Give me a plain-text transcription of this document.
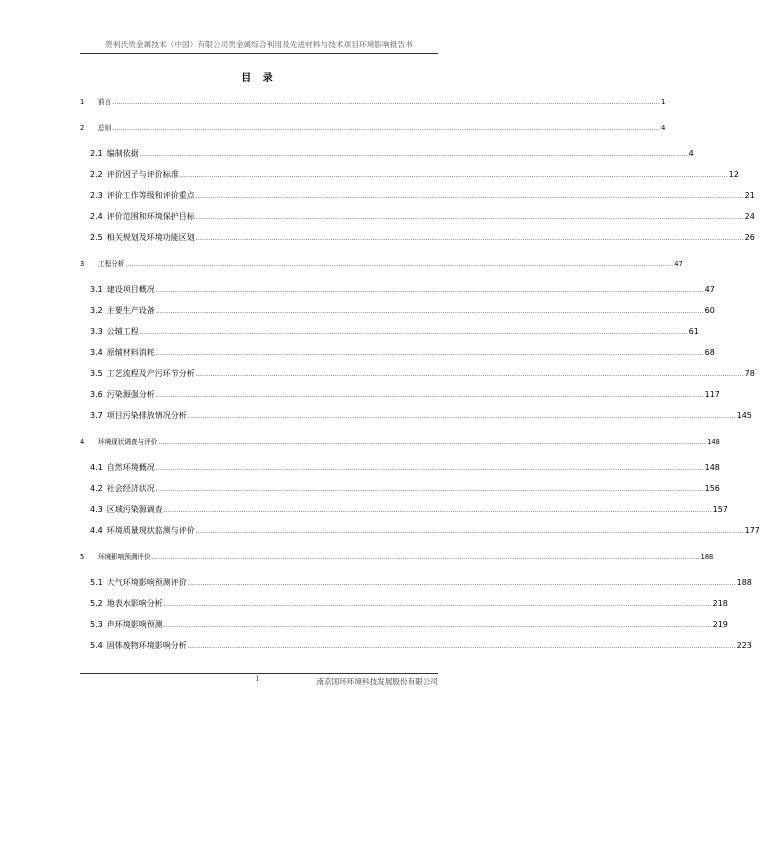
贺利氏贵金属技术（中国）有限公司贵金属综合利用及先进材料与技术项目环境影响报告书
目 录
1	前言 .................................................................................................................................................................................................................................................................... 1
2	总则 .................................................................................................................................................................................................................................................................... 4
2.1 编制依据 .................................................................................................................................................................................................................................................................... 4
2.2 评价因子与评价标准 .................................................................................................................................................................................................................................................................... 12
2.3 评价工作等级和评价重点 .................................................................................................................................................................................................................................................................... 21
2.4 评价范围和环境保护目标 .................................................................................................................................................................................................................................................................... 24
2.5 相关规划及环境功能区划 .................................................................................................................................................................................................................................................................... 26
3	工程分析 .................................................................................................................................................................................................................................................................... 47
3.1 建设项目概况 .................................................................................................................................................................................................................................................................... 47
3.2 主要生产设备 .................................................................................................................................................................................................................................................................... 60
3.3 公辅工程 .................................................................................................................................................................................................................................................................... 61
3.4 原辅材料消耗 .................................................................................................................................................................................................................................................................... 68
3.5 工艺流程及产污环节分析 .................................................................................................................................................................................................................................................................... 78
3.6 污染源强分析 .................................................................................................................................................................................................................................................................... 117
3.7 项目污染排放情况分析 .................................................................................................................................................................................................................................................................... 145
4	环境现状调查与评价 .................................................................................................................................................................................................................................................................... 148
4.1 自然环境概况 .................................................................................................................................................................................................................................................................... 148
4.2 社会经济状况 .................................................................................................................................................................................................................................................................... 156
4.3 区域污染源调查 .................................................................................................................................................................................................................................................................... 157
4.4 环境质量现状监测与评价 .................................................................................................................................................................................................................................................................... 177
5	环境影响预测评价 .................................................................................................................................................................................................................................................................... 188
5.1 大气环境影响预测评价 .................................................................................................................................................................................................................................................................... 188
5.2 地表水影响分析 .................................................................................................................................................................................................................................................................... 218
5.3 声环境影响预测 .................................................................................................................................................................................................................................................................... 219
5.4 固体废物环境影响分析 .................................................................................................................................................................................................................................................................... 223
I	南京国环环境科技发展股份有限公司
